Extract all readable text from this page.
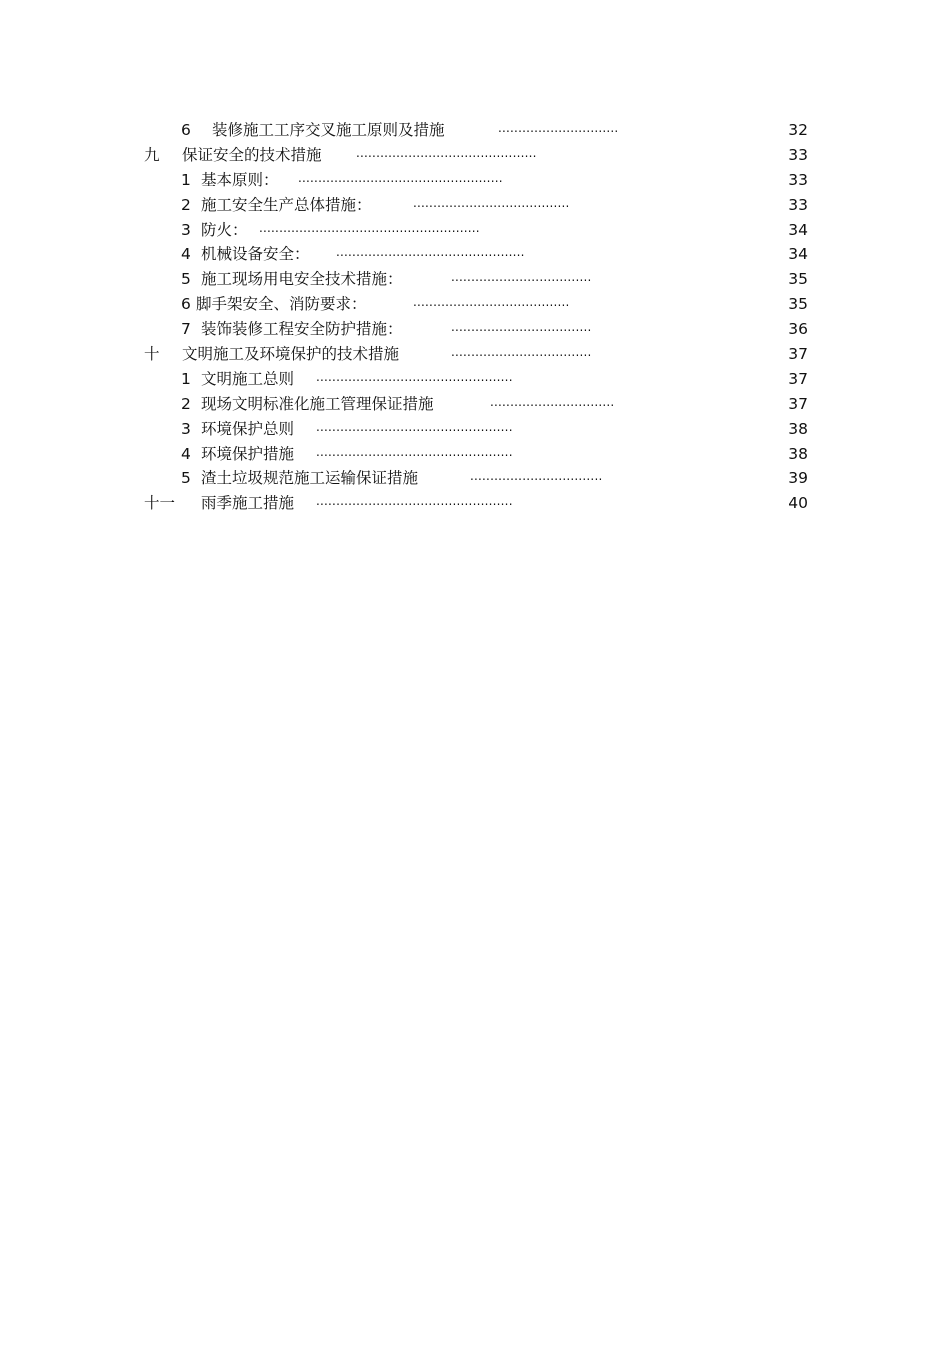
6 装修施工工序交叉施工原则及措施	..............................	32
九 保证安全的技术措施	.............................................	33
1 基本原则： ...................................................	33
2 施工安全生产总体措施：	.......................................	33
3 防火： .......................................................	34
4 机械设备安全： ...............................................	34
5 施工现场用电安全技术措施：	...................................	35
6 脚手架安全、消防要求：	.......................................	35
7 装饰装修工程安全防护措施：	...................................	36
十 文明施工及环境保护的技术措施	...................................	37
1 文明施工总则 .................................................	37
2 现场文明标准化施工管理保证措施	...............................	37
3 环境保护总则 .................................................	38
4 环境保护措施 .................................................	38
5 渣土垃圾规范施工运输保证措施	.................................	39
十一 雨季施工措施 .................................................	40
